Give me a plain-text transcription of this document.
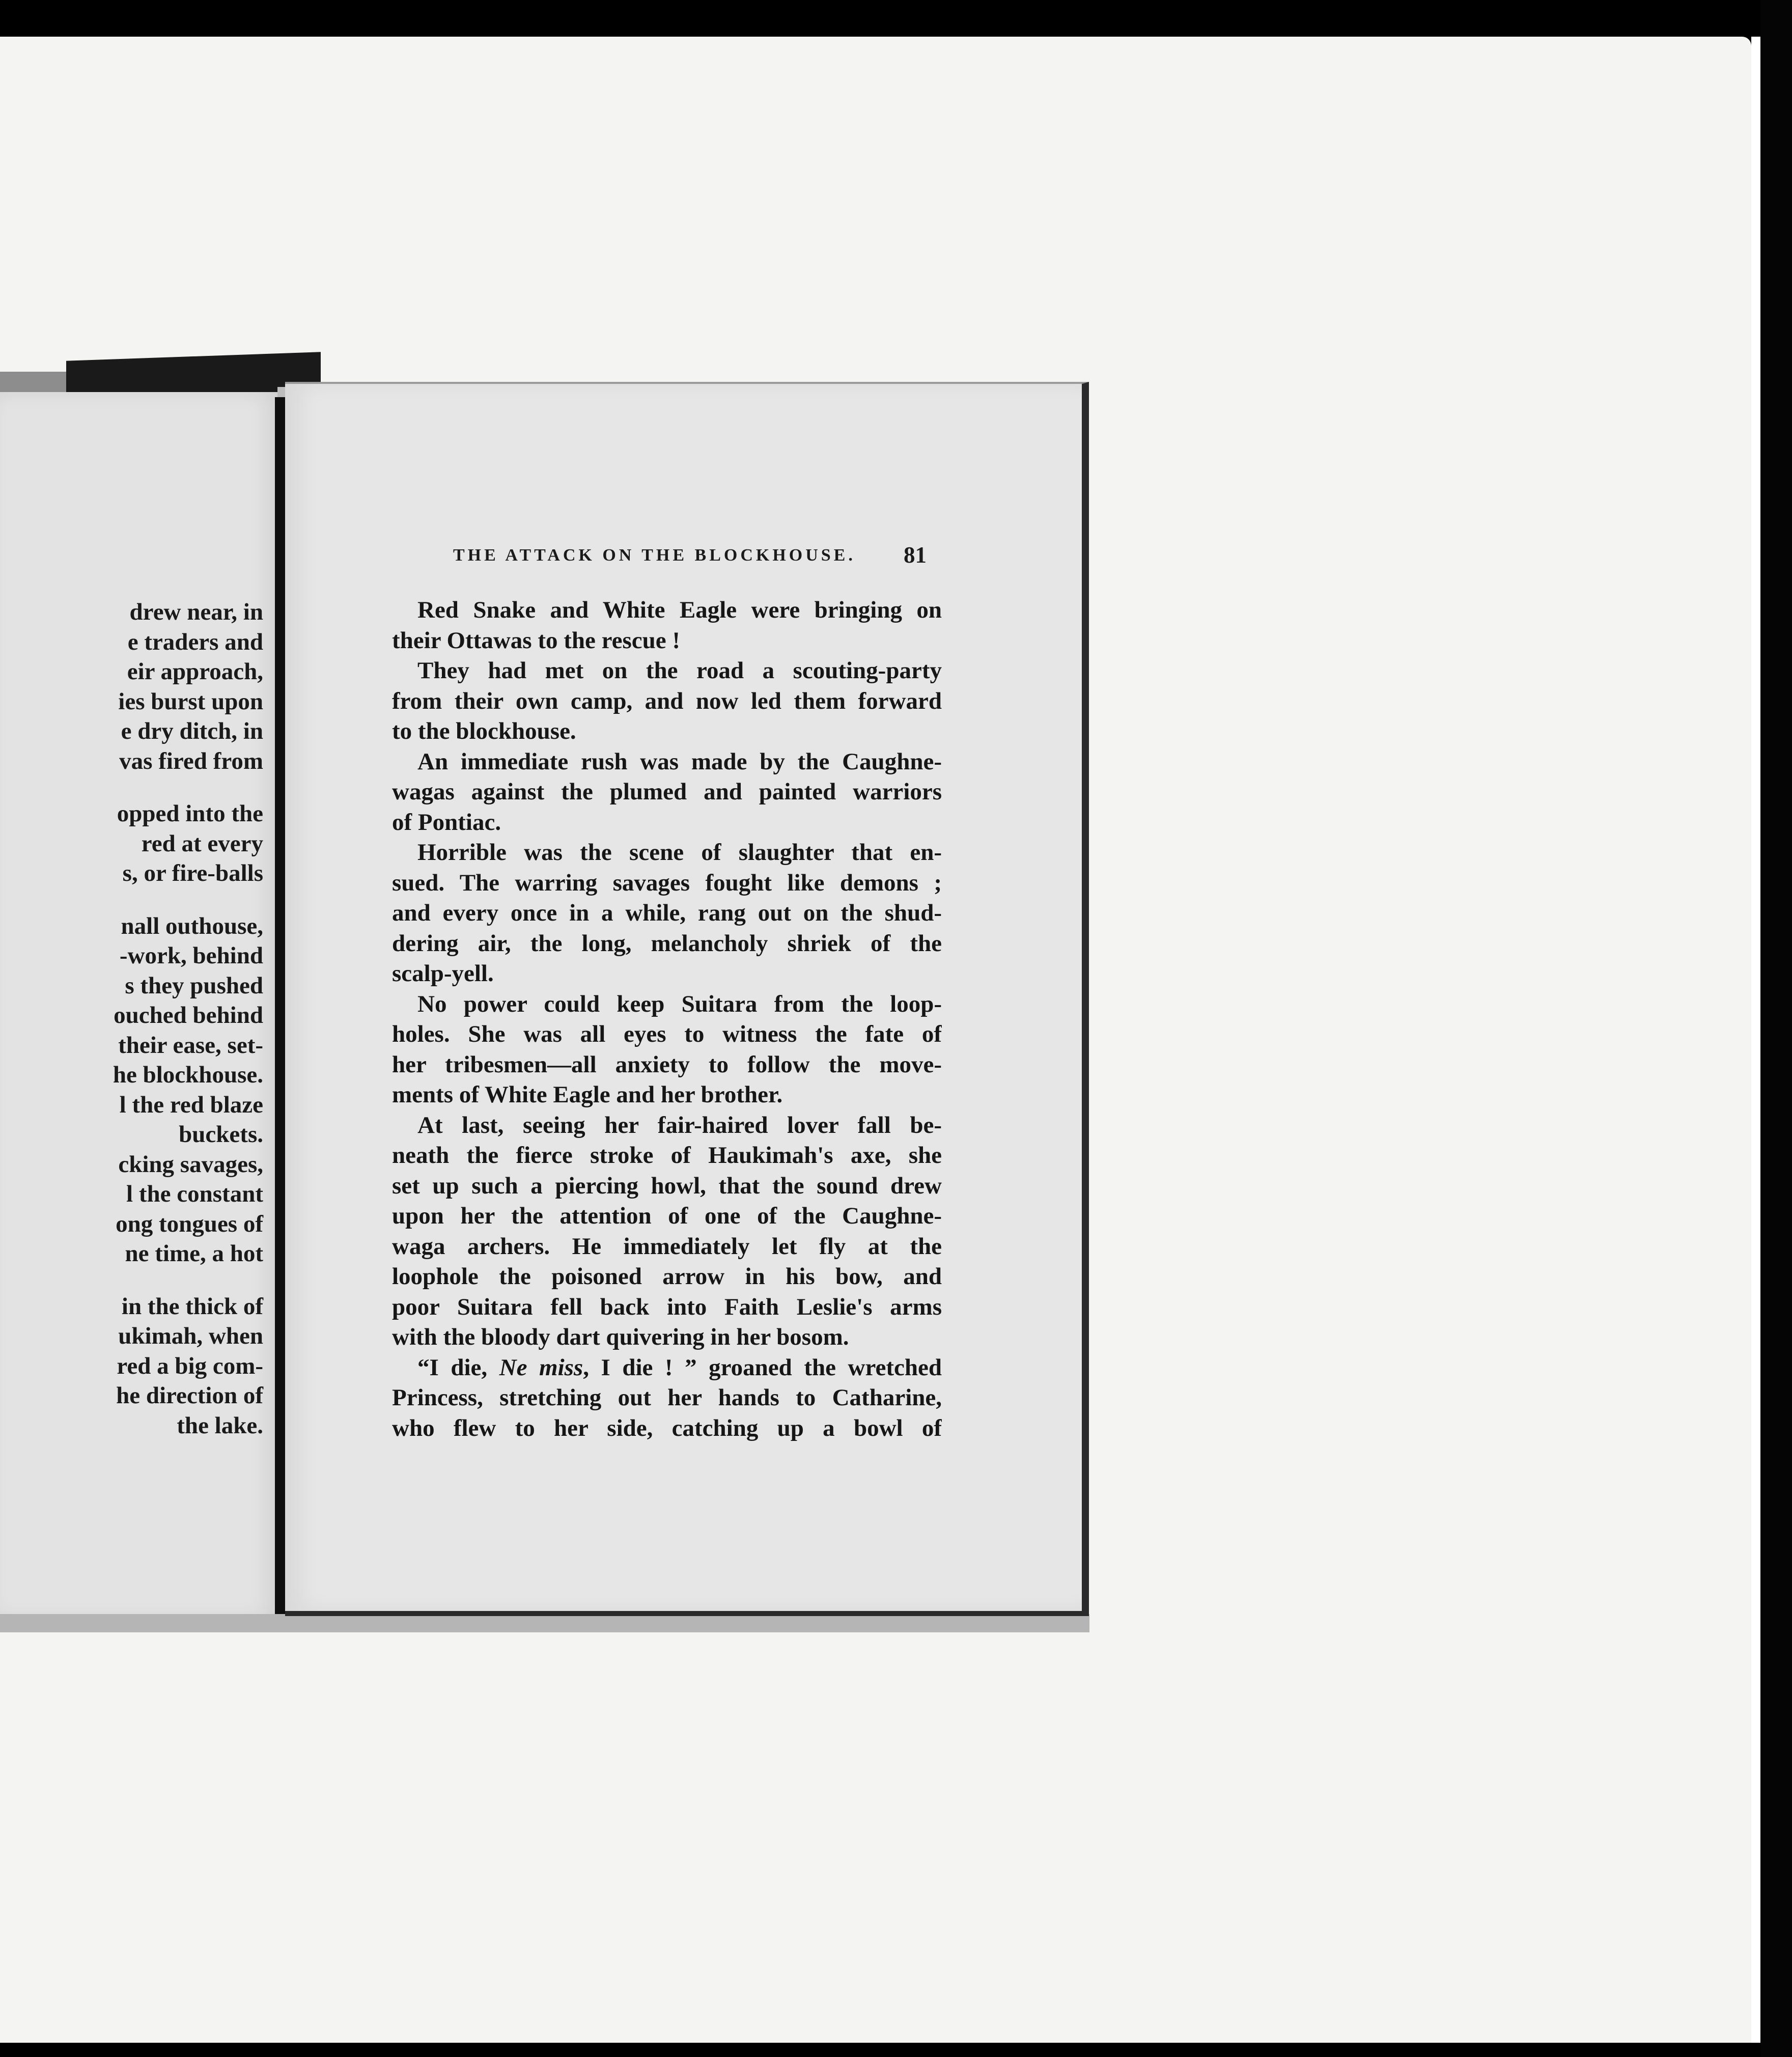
drew near, in
e traders and
eir approach,
ies burst upon
e dry ditch, in
vas fired from
opped into the
red at every
s, or fire-balls
nall outhouse,
-work, behind
s they pushed
ouched behind
their ease, set-
he blockhouse.
l the red blaze
buckets.
cking savages,
l the constant
ong tongues of
ne time, a hot
in the thick of
ukimah, when
red a big com-
he direction of
the lake.
THE ATTACK ON THE BLOCKHOUSE. 81
Red Snake and White Eagle were bringing on
their Ottawas to the rescue !
They had met on the road a scouting-party
from their own camp, and now led them forward
to the blockhouse.
An immediate rush was made by the Caughne-
wagas against the plumed and painted warriors
of Pontiac.
Horrible was the scene of slaughter that en-
sued. The warring savages fought like demons ;
and every once in a while, rang out on the shud-
dering air, the long, melancholy shriek of the
scalp-yell.
No power could keep Suitara from the loop-
holes. She was all eyes to witness the fate of
her tribesmen—all anxiety to follow the move-
ments of White Eagle and her brother.
At last, seeing her fair-haired lover fall be-
neath the fierce stroke of Haukimah's axe, she
set up such a piercing howl, that the sound drew
upon her the attention of one of the Caughne-
waga archers. He immediately let fly at the
loophole the poisoned arrow in his bow, and
poor Suitara fell back into Faith Leslie's arms
with the bloody dart quivering in her bosom.
“I die, Ne miss, I die ! ” groaned the wretched
Princess, stretching out her hands to Catharine,
who flew to her side, catching up a bowl of
